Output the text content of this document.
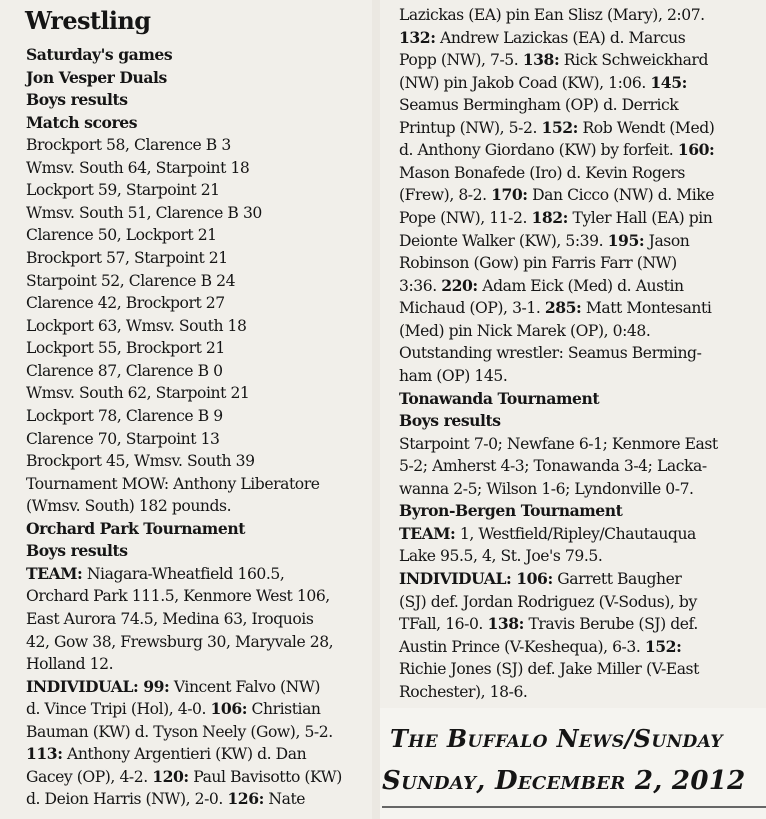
Wrestling
Saturday's games
Jon Vesper Duals
Boys results
Match scores
Brockport 58, Clarence B 3
Wmsv. South 64, Starpoint 18
Lockport 59, Starpoint 21
Wmsv. South 51, Clarence B 30
Clarence 50, Lockport 21
Brockport 57, Starpoint 21
Starpoint 52, Clarence B 24
Clarence 42, Brockport 27
Lockport 63, Wmsv. South 18
Lockport 55, Brockport 21
Clarence 87, Clarence B 0
Wmsv. South 62, Starpoint 21
Lockport 78, Clarence B 9
Clarence 70, Starpoint 13
Brockport 45, Wmsv. South 39
Tournament MOW: Anthony Liberatore
(Wmsv. South) 182 pounds.
Orchard Park Tournament
Boys results
TEAM: Niagara-Wheatfield 160.5,
Orchard Park 111.5, Kenmore West 106,
East Aurora 74.5, Medina 63, Iroquois
42, Gow 38, Frewsburg 30, Maryvale 28,
Holland 12.
INDIVIDUAL: 99: Vincent Falvo (NW)
d. Vince Tripi (Hol), 4-0. 106: Christian
Bauman (KW) d. Tyson Neely (Gow), 5-2.
113: Anthony Argentieri (KW) d. Dan
Gacey (OP), 4-2. 120: Paul Bavisotto (KW)
d. Deion Harris (NW), 2-0. 126: Nate
Lazickas (EA) pin Ean Slisz (Mary), 2:07.
132: Andrew Lazickas (EA) d. Marcus
Popp (NW), 7-5. 138: Rick Schweickhard
(NW) pin Jakob Coad (KW), 1:06. 145:
Seamus Bermingham (OP) d. Derrick
Printup (NW), 5-2. 152: Rob Wendt (Med)
d. Anthony Giordano (KW) by forfeit. 160:
Mason Bonafede (Iro) d. Kevin Rogers
(Frew), 8-2. 170: Dan Cicco (NW) d. Mike
Pope (NW), 11-2. 182: Tyler Hall (EA) pin
Deionte Walker (KW), 5:39. 195: Jason
Robinson (Gow) pin Farris Farr (NW)
3:36. 220: Adam Eick (Med) d. Austin
Michaud (OP), 3-1. 285: Matt Montesanti
(Med) pin Nick Marek (OP), 0:48.
Outstanding wrestler: Seamus Berming-
ham (OP) 145.
Tonawanda Tournament
Boys results
Starpoint 7-0; Newfane 6-1; Kenmore East
5-2; Amherst 4-3; Tonawanda 3-4; Lacka-
wanna 2-5; Wilson 1-6; Lyndonville 0-7.
Byron-Bergen Tournament
TEAM: 1, Westfield/Ripley/Chautauqua
Lake 95.5, 4, St. Joe's 79.5.
INDIVIDUAL: 106: Garrett Baugher
(SJ) def. Jordan Rodriguez (V-Sodus), by
TFall, 16-0. 138: Travis Berube (SJ) def.
Austin Prince (V-Keshequa), 6-3. 152:
Richie Jones (SJ) def. Jake Miller (V-East
Rochester), 18-6.
The Buffalo News/Sunday
Sunday, December 2, 2012
